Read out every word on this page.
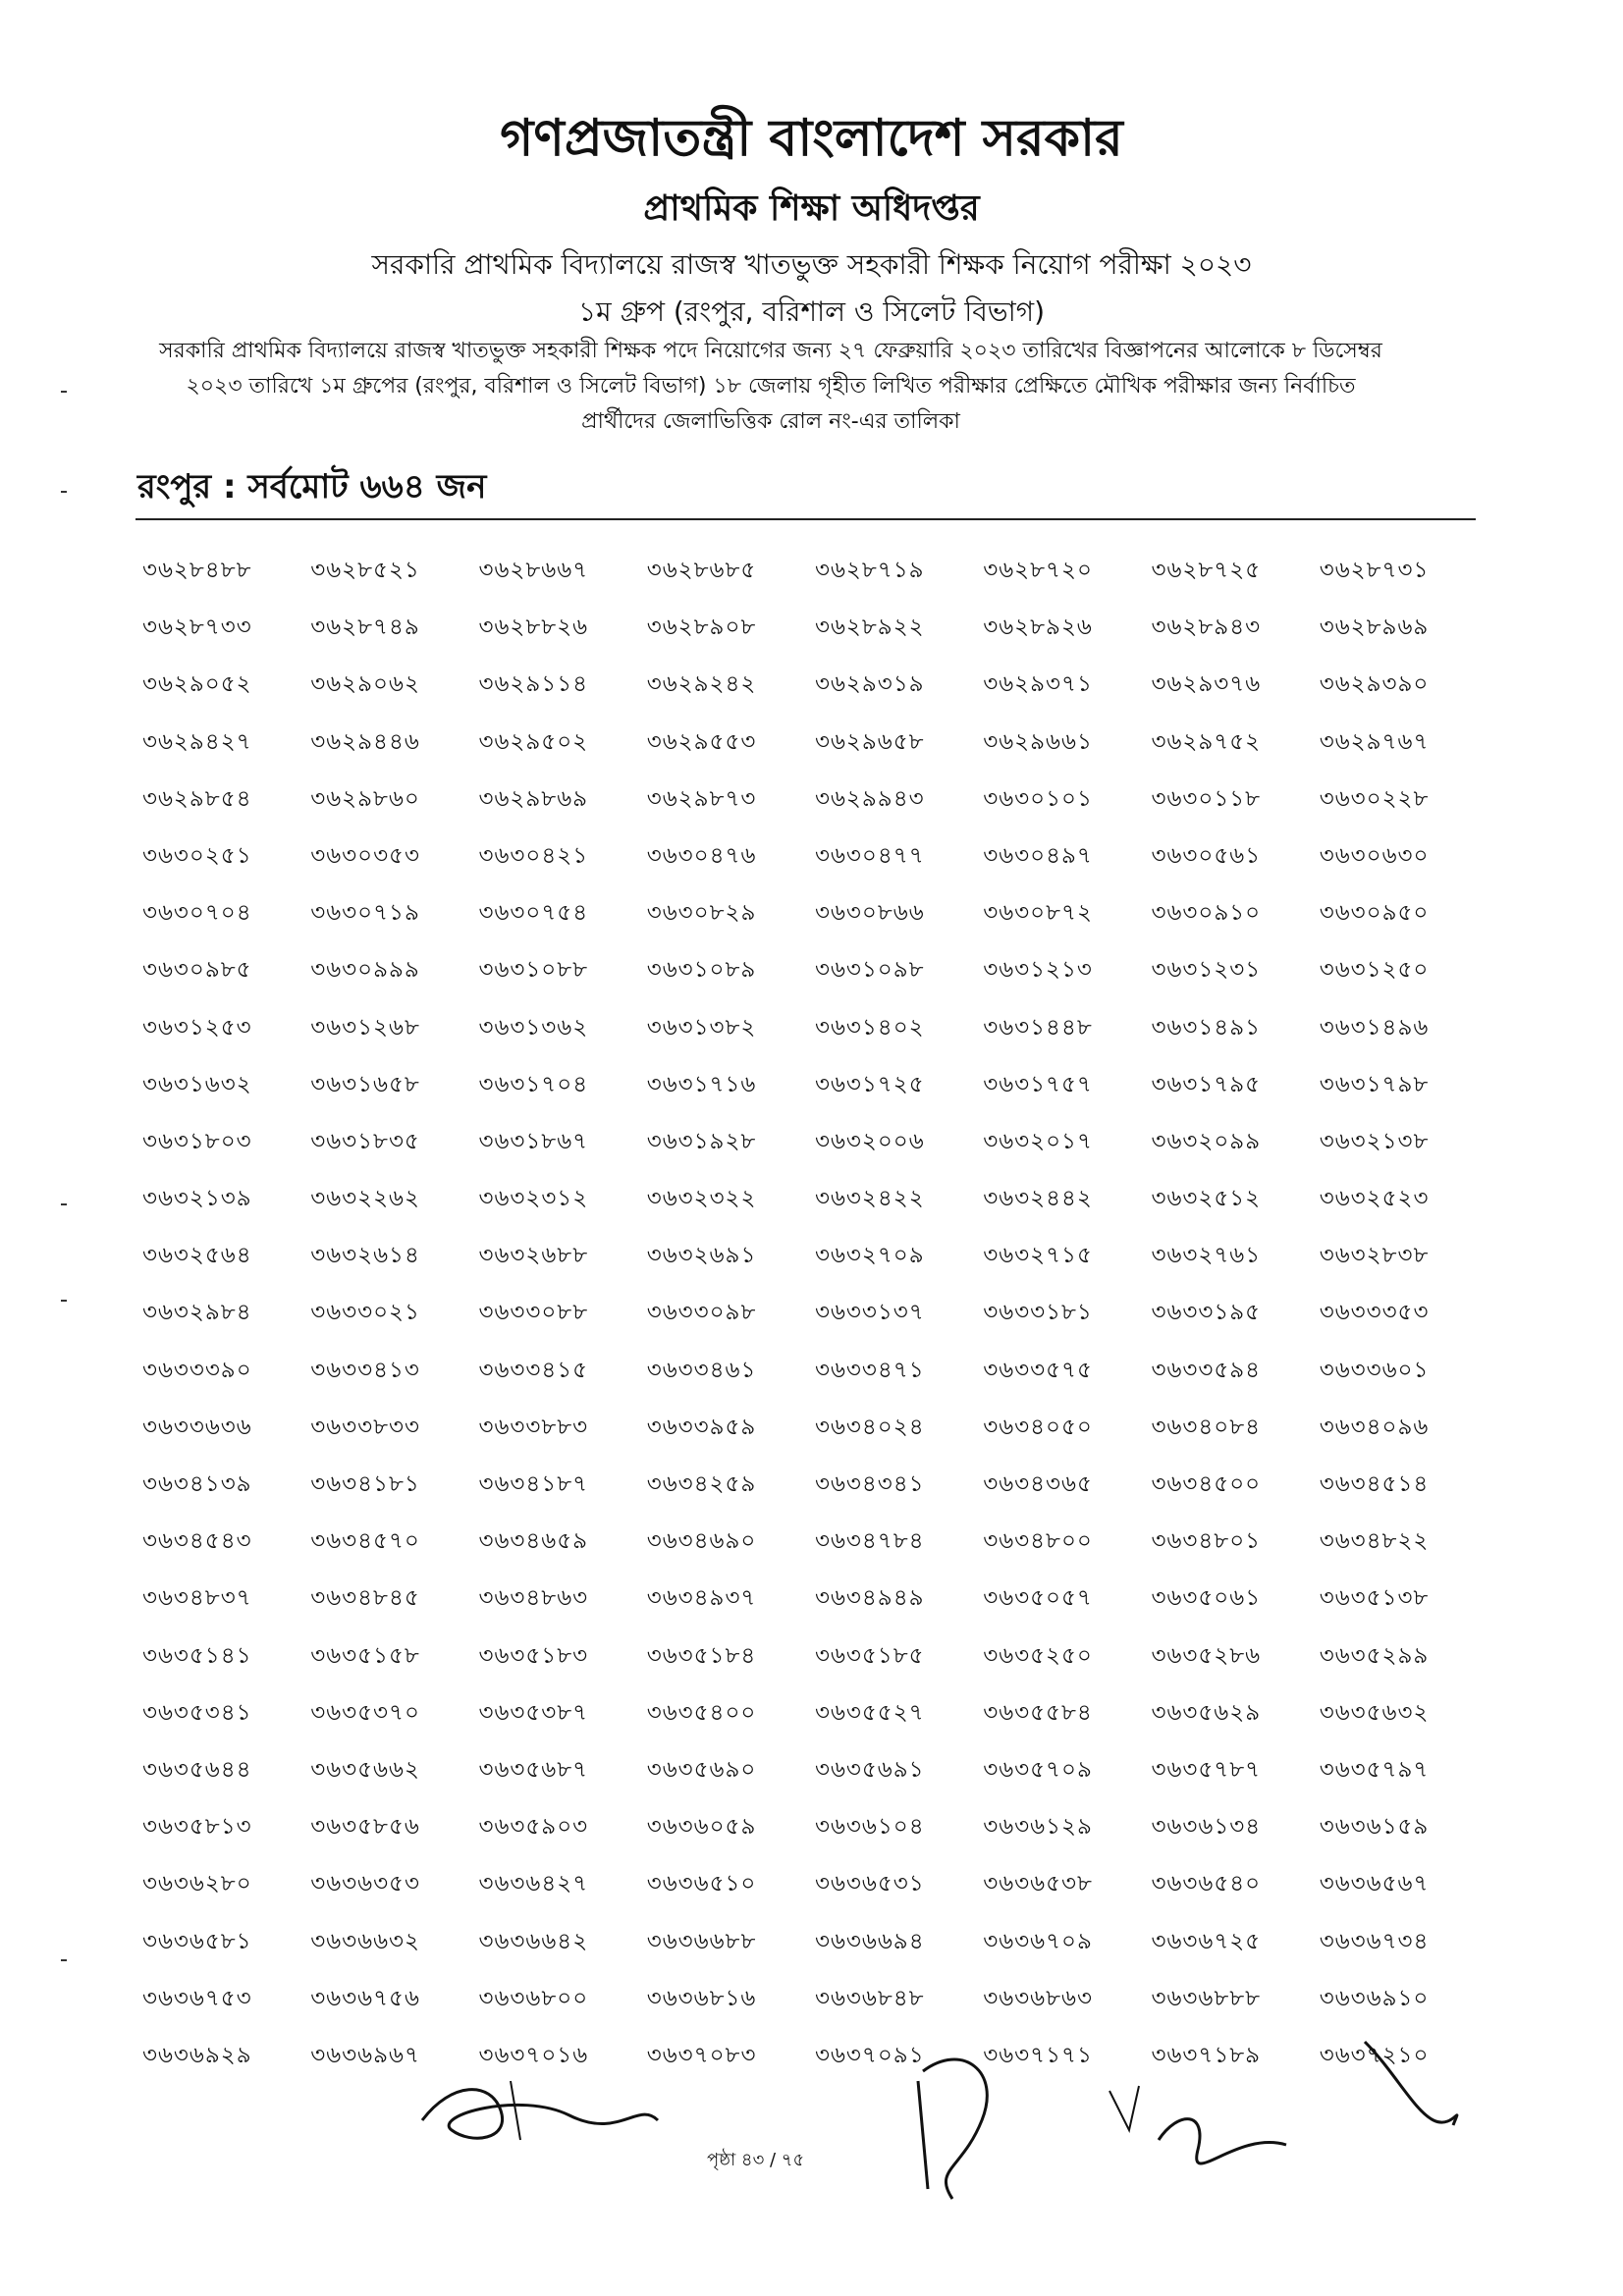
গণপ্রজাতন্ত্রী বাংলাদেশ সরকার
প্রাথমিক শিক্ষা অধিদপ্তর
সরকারি প্রাথমিক বিদ্যালয়ে রাজস্ব খাতভুক্ত সহকারী শিক্ষক নিয়োগ পরীক্ষা ২০২৩
১ম গ্রুপ (রংপুর, বরিশাল ও সিলেট বিভাগ)
সরকারি প্রাথমিক বিদ্যালয়ে রাজস্ব খাতভুক্ত সহকারী শিক্ষক পদে নিয়োগের জন্য ২৭ ফেব্রুয়ারি ২০২৩ তারিখের বিজ্ঞাপনের আলোকে ৮ ডিসেম্বর ২০২৩ তারিখে ১ম গ্রুপের (রংপুর, বরিশাল ও সিলেট বিভাগ) ১৮ জেলায় গৃহীত লিখিত পরীক্ষার প্রেক্ষিতে মৌখিক পরীক্ষার জন্য নির্বাচিত প্রার্থীদের জেলাভিত্তিক রোল নং-এর তালিকা
রংপুর : সর্বমোট ৬৬৪ জন
৩৬২৮৪৮৮	৩৬২৮৫২১	৩৬২৮৬৬৭	৩৬২৮৬৮৫	৩৬২৮৭১৯	৩৬২৮৭২০	৩৬২৮৭২৫	৩৬২৮৭৩১
৩৬২৮৭৩৩	৩৬২৮৭৪৯	৩৬২৮৮২৬	৩৬২৮৯০৮	৩৬২৮৯২২	৩৬২৮৯২৬	৩৬২৮৯৪৩	৩৬২৮৯৬৯
৩৬২৯০৫২	৩৬২৯০৬২	৩৬২৯১১৪	৩৬২৯২৪২	৩৬২৯৩১৯	৩৬২৯৩৭১	৩৬২৯৩৭৬	৩৬২৯৩৯০
৩৬২৯৪২৭	৩৬২৯৪৪৬	৩৬২৯৫০২	৩৬২৯৫৫৩	৩৬২৯৬৫৮	৩৬২৯৬৬১	৩৬২৯৭৫২	৩৬২৯৭৬৭
৩৬২৯৮৫৪	৩৬২৯৮৬০	৩৬২৯৮৬৯	৩৬২৯৮৭৩	৩৬২৯৯৪৩	৩৬৩০১০১	৩৬৩০১১৮	৩৬৩০২২৮
৩৬৩০২৫১	৩৬৩০৩৫৩	৩৬৩০৪২১	৩৬৩০৪৭৬	৩৬৩০৪৭৭	৩৬৩০৪৯৭	৩৬৩০৫৬১	৩৬৩০৬৩০
৩৬৩০৭০৪	৩৬৩০৭১৯	৩৬৩০৭৫৪	৩৬৩০৮২৯	৩৬৩০৮৬৬	৩৬৩০৮৭২	৩৬৩০৯১০	৩৬৩০৯৫০
৩৬৩০৯৮৫	৩৬৩০৯৯৯	৩৬৩১০৮৮	৩৬৩১০৮৯	৩৬৩১০৯৮	৩৬৩১২১৩	৩৬৩১২৩১	৩৬৩১২৫০
৩৬৩১২৫৩	৩৬৩১২৬৮	৩৬৩১৩৬২	৩৬৩১৩৮২	৩৬৩১৪০২	৩৬৩১৪৪৮	৩৬৩১৪৯১	৩৬৩১৪৯৬
৩৬৩১৬৩২	৩৬৩১৬৫৮	৩৬৩১৭০৪	৩৬৩১৭১৬	৩৬৩১৭২৫	৩৬৩১৭৫৭	৩৬৩১৭৯৫	৩৬৩১৭৯৮
৩৬৩১৮০৩	৩৬৩১৮৩৫	৩৬৩১৮৬৭	৩৬৩১৯২৮	৩৬৩২০০৬	৩৬৩২০১৭	৩৬৩২০৯৯	৩৬৩২১৩৮
৩৬৩২১৩৯	৩৬৩২২৬২	৩৬৩২৩১২	৩৬৩২৩২২	৩৬৩২৪২২	৩৬৩২৪৪২	৩৬৩২৫১২	৩৬৩২৫২৩
৩৬৩২৫৬৪	৩৬৩২৬১৪	৩৬৩২৬৮৮	৩৬৩২৬৯১	৩৬৩২৭০৯	৩৬৩২৭১৫	৩৬৩২৭৬১	৩৬৩২৮৩৮
৩৬৩২৯৮৪	৩৬৩৩০২১	৩৬৩৩০৮৮	৩৬৩৩০৯৮	৩৬৩৩১৩৭	৩৬৩৩১৮১	৩৬৩৩১৯৫	৩৬৩৩৩৫৩
৩৬৩৩৩৯০	৩৬৩৩৪১৩	৩৬৩৩৪১৫	৩৬৩৩৪৬১	৩৬৩৩৪৭১	৩৬৩৩৫৭৫	৩৬৩৩৫৯৪	৩৬৩৩৬০১
৩৬৩৩৬৩৬	৩৬৩৩৮৩৩	৩৬৩৩৮৮৩	৩৬৩৩৯৫৯	৩৬৩৪০২৪	৩৬৩৪০৫০	৩৬৩৪০৮৪	৩৬৩৪০৯৬
৩৬৩৪১৩৯	৩৬৩৪১৮১	৩৬৩৪১৮৭	৩৬৩৪২৫৯	৩৬৩৪৩৪১	৩৬৩৪৩৬৫	৩৬৩৪৫০০	৩৬৩৪৫১৪
৩৬৩৪৫৪৩	৩৬৩৪৫৭০	৩৬৩৪৬৫৯	৩৬৩৪৬৯০	৩৬৩৪৭৮৪	৩৬৩৪৮০০	৩৬৩৪৮০১	৩৬৩৪৮২২
৩৬৩৪৮৩৭	৩৬৩৪৮৪৫	৩৬৩৪৮৬৩	৩৬৩৪৯৩৭	৩৬৩৪৯৪৯	৩৬৩৫০৫৭	৩৬৩৫০৬১	৩৬৩৫১৩৮
৩৬৩৫১৪১	৩৬৩৫১৫৮	৩৬৩৫১৮৩	৩৬৩৫১৮৪	৩৬৩৫১৮৫	৩৬৩৫২৫০	৩৬৩৫২৮৬	৩৬৩৫২৯৯
৩৬৩৫৩৪১	৩৬৩৫৩৭০	৩৬৩৫৩৮৭	৩৬৩৫৪০০	৩৬৩৫৫২৭	৩৬৩৫৫৮৪	৩৬৩৫৬২৯	৩৬৩৫৬৩২
৩৬৩৫৬৪৪	৩৬৩৫৬৬২	৩৬৩৫৬৮৭	৩৬৩৫৬৯০	৩৬৩৫৬৯১	৩৬৩৫৭০৯	৩৬৩৫৭৮৭	৩৬৩৫৭৯৭
৩৬৩৫৮১৩	৩৬৩৫৮৫৬	৩৬৩৫৯০৩	৩৬৩৬০৫৯	৩৬৩৬১০৪	৩৬৩৬১২৯	৩৬৩৬১৩৪	৩৬৩৬১৫৯
৩৬৩৬২৮০	৩৬৩৬৩৫৩	৩৬৩৬৪২৭	৩৬৩৬৫১০	৩৬৩৬৫৩১	৩৬৩৬৫৩৮	৩৬৩৬৫৪০	৩৬৩৬৫৬৭
৩৬৩৬৫৮১	৩৬৩৬৬৩২	৩৬৩৬৬৪২	৩৬৩৬৬৮৮	৩৬৩৬৬৯৪	৩৬৩৬৭০৯	৩৬৩৬৭২৫	৩৬৩৬৭৩৪
৩৬৩৬৭৫৩	৩৬৩৬৭৫৬	৩৬৩৬৮০০	৩৬৩৬৮১৬	৩৬৩৬৮৪৮	৩৬৩৬৮৬৩	৩৬৩৬৮৮৮	৩৬৩৬৯১০
৩৬৩৬৯২৯	৩৬৩৬৯৬৭	৩৬৩৭০১৬	৩৬৩৭০৮৩	৩৬৩৭০৯১	৩৬৩৭১৭১	৩৬৩৭১৮৯	৩৬৩৭২১০
পৃষ্ঠা ৪৩ / ৭৫
